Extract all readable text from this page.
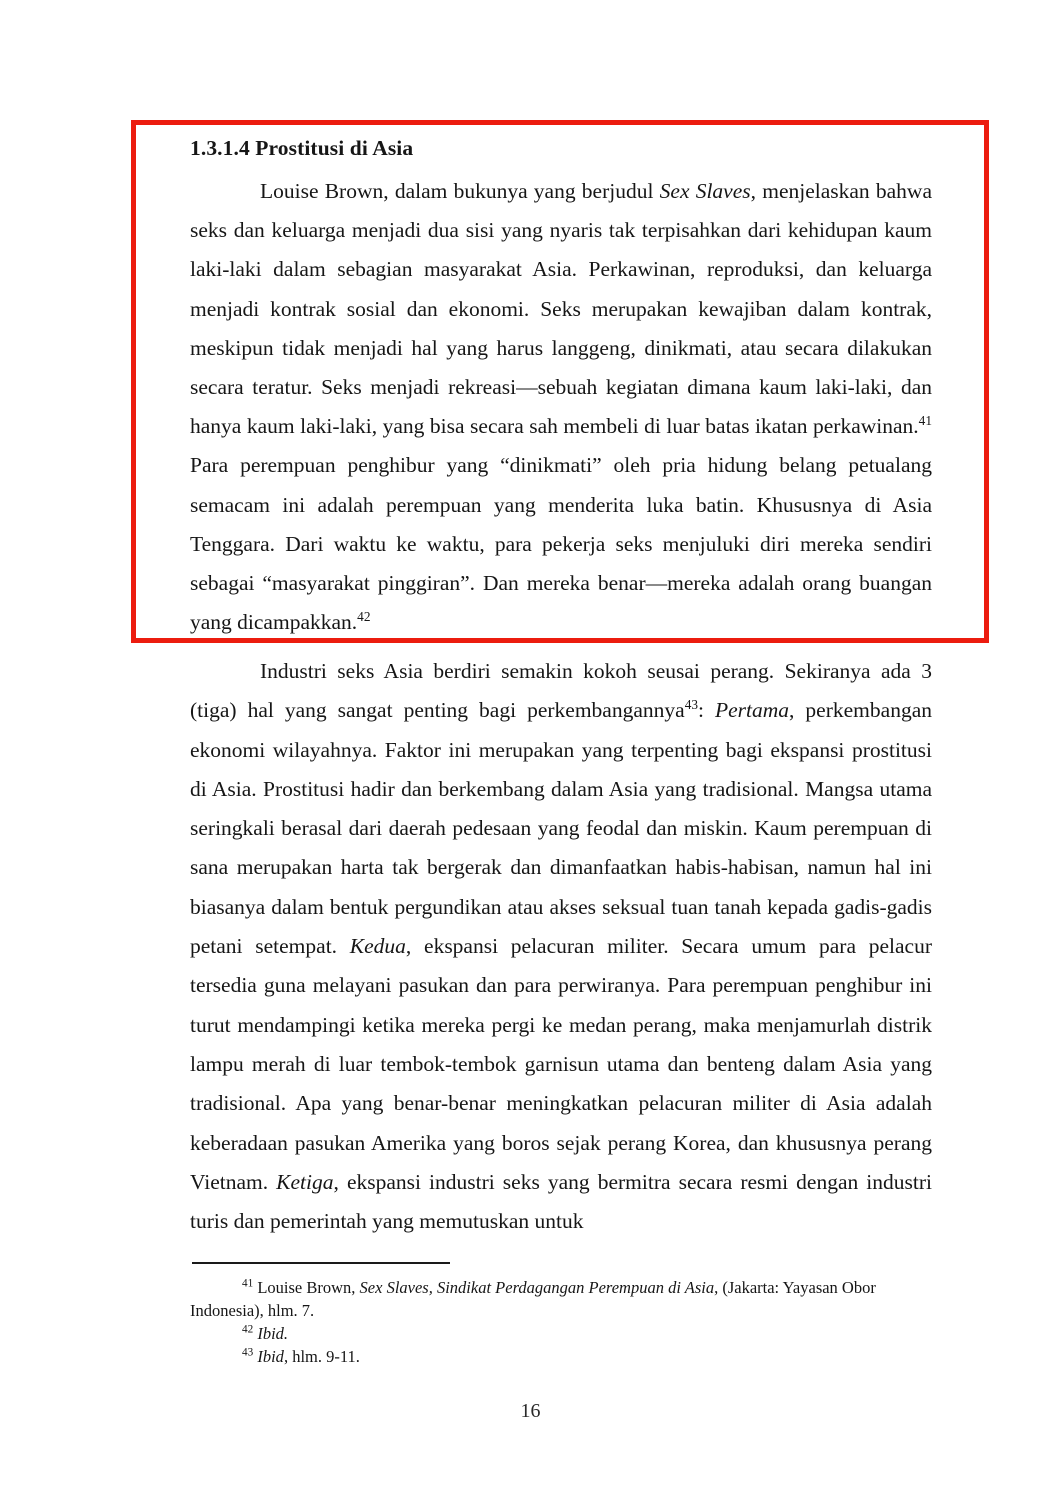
1.3.1.4 Prostitusi di Asia

Louise Brown, dalam bukunya yang berjudul Sex Slaves, menjelaskan bahwa seks dan keluarga menjadi dua sisi yang nyaris tak terpisahkan dari kehidupan kaum laki-laki dalam sebagian masyarakat Asia. Perkawinan, reproduksi, dan keluarga menjadi kontrak sosial dan ekonomi. Seks merupakan kewajiban dalam kontrak, meskipun tidak menjadi hal yang harus langgeng, dinikmati, atau secara dilakukan secara teratur. Seks menjadi rekreasi—sebuah kegiatan dimana kaum laki-laki, dan hanya kaum laki-laki, yang bisa secara sah membeli di luar batas ikatan perkawinan.$^{41}$ Para perempuan penghibur yang “dinikmati” oleh pria hidung belang petualang semacam ini adalah perempuan yang menderita luka batin. Khususnya di Asia Tenggara. Dari waktu ke waktu, para pekerja seks menjuluki diri mereka sendiri sebagai “masyarakat pinggiran”. Dan mereka benar—mereka adalah orang buangan yang dicampakkan.$^{42}$

Industri seks Asia berdiri semakin kokoh seusai perang. Sekiranya ada 3 (tiga) hal yang sangat penting bagi perkembangannya$^{43}$: Pertama, perkembangan ekonomi wilayahnya. Faktor ini merupakan yang terpenting bagi ekspansi prostitusi di Asia. Prostitusi hadir dan berkembang dalam Asia yang tradisional. Mangsa utama seringkali berasal dari daerah pedesaan yang feodal dan miskin. Kaum perempuan di sana merupakan harta tak bergerak dan dimanfaatkan habis-habisan, namun hal ini biasanya dalam bentuk pergundikan atau akses seksual tuan tanah kepada gadis-gadis petani setempat. Kedua, ekspansi pelacuran militer. Secara umum para pelacur tersedia guna melayani pasukan dan para perwiranya. Para perempuan penghibur ini turut mendampingi ketika mereka pergi ke medan perang, maka menjamurlah distrik lampu merah di luar tembok-tembok garnisun utama dan benteng dalam Asia yang tradisional. Apa yang benar-benar meningkatkan pelacuran militer di Asia adalah keberadaan pasukan Amerika yang boros sejak perang Korea, dan khususnya perang Vietnam. Ketiga, ekspansi industri seks yang bermitra secara resmi dengan industri turis dan pemerintah yang memutuskan untuk

$^{41}$ Louise Brown, Sex Slaves, Sindikat Perdagangan Perempuan di Asia, (Jakarta: Yayasan Obor Indonesia), hlm. 7.

$^{42}$ Ibid.

$^{43}$ Ibid, hlm. 9-11.

16
